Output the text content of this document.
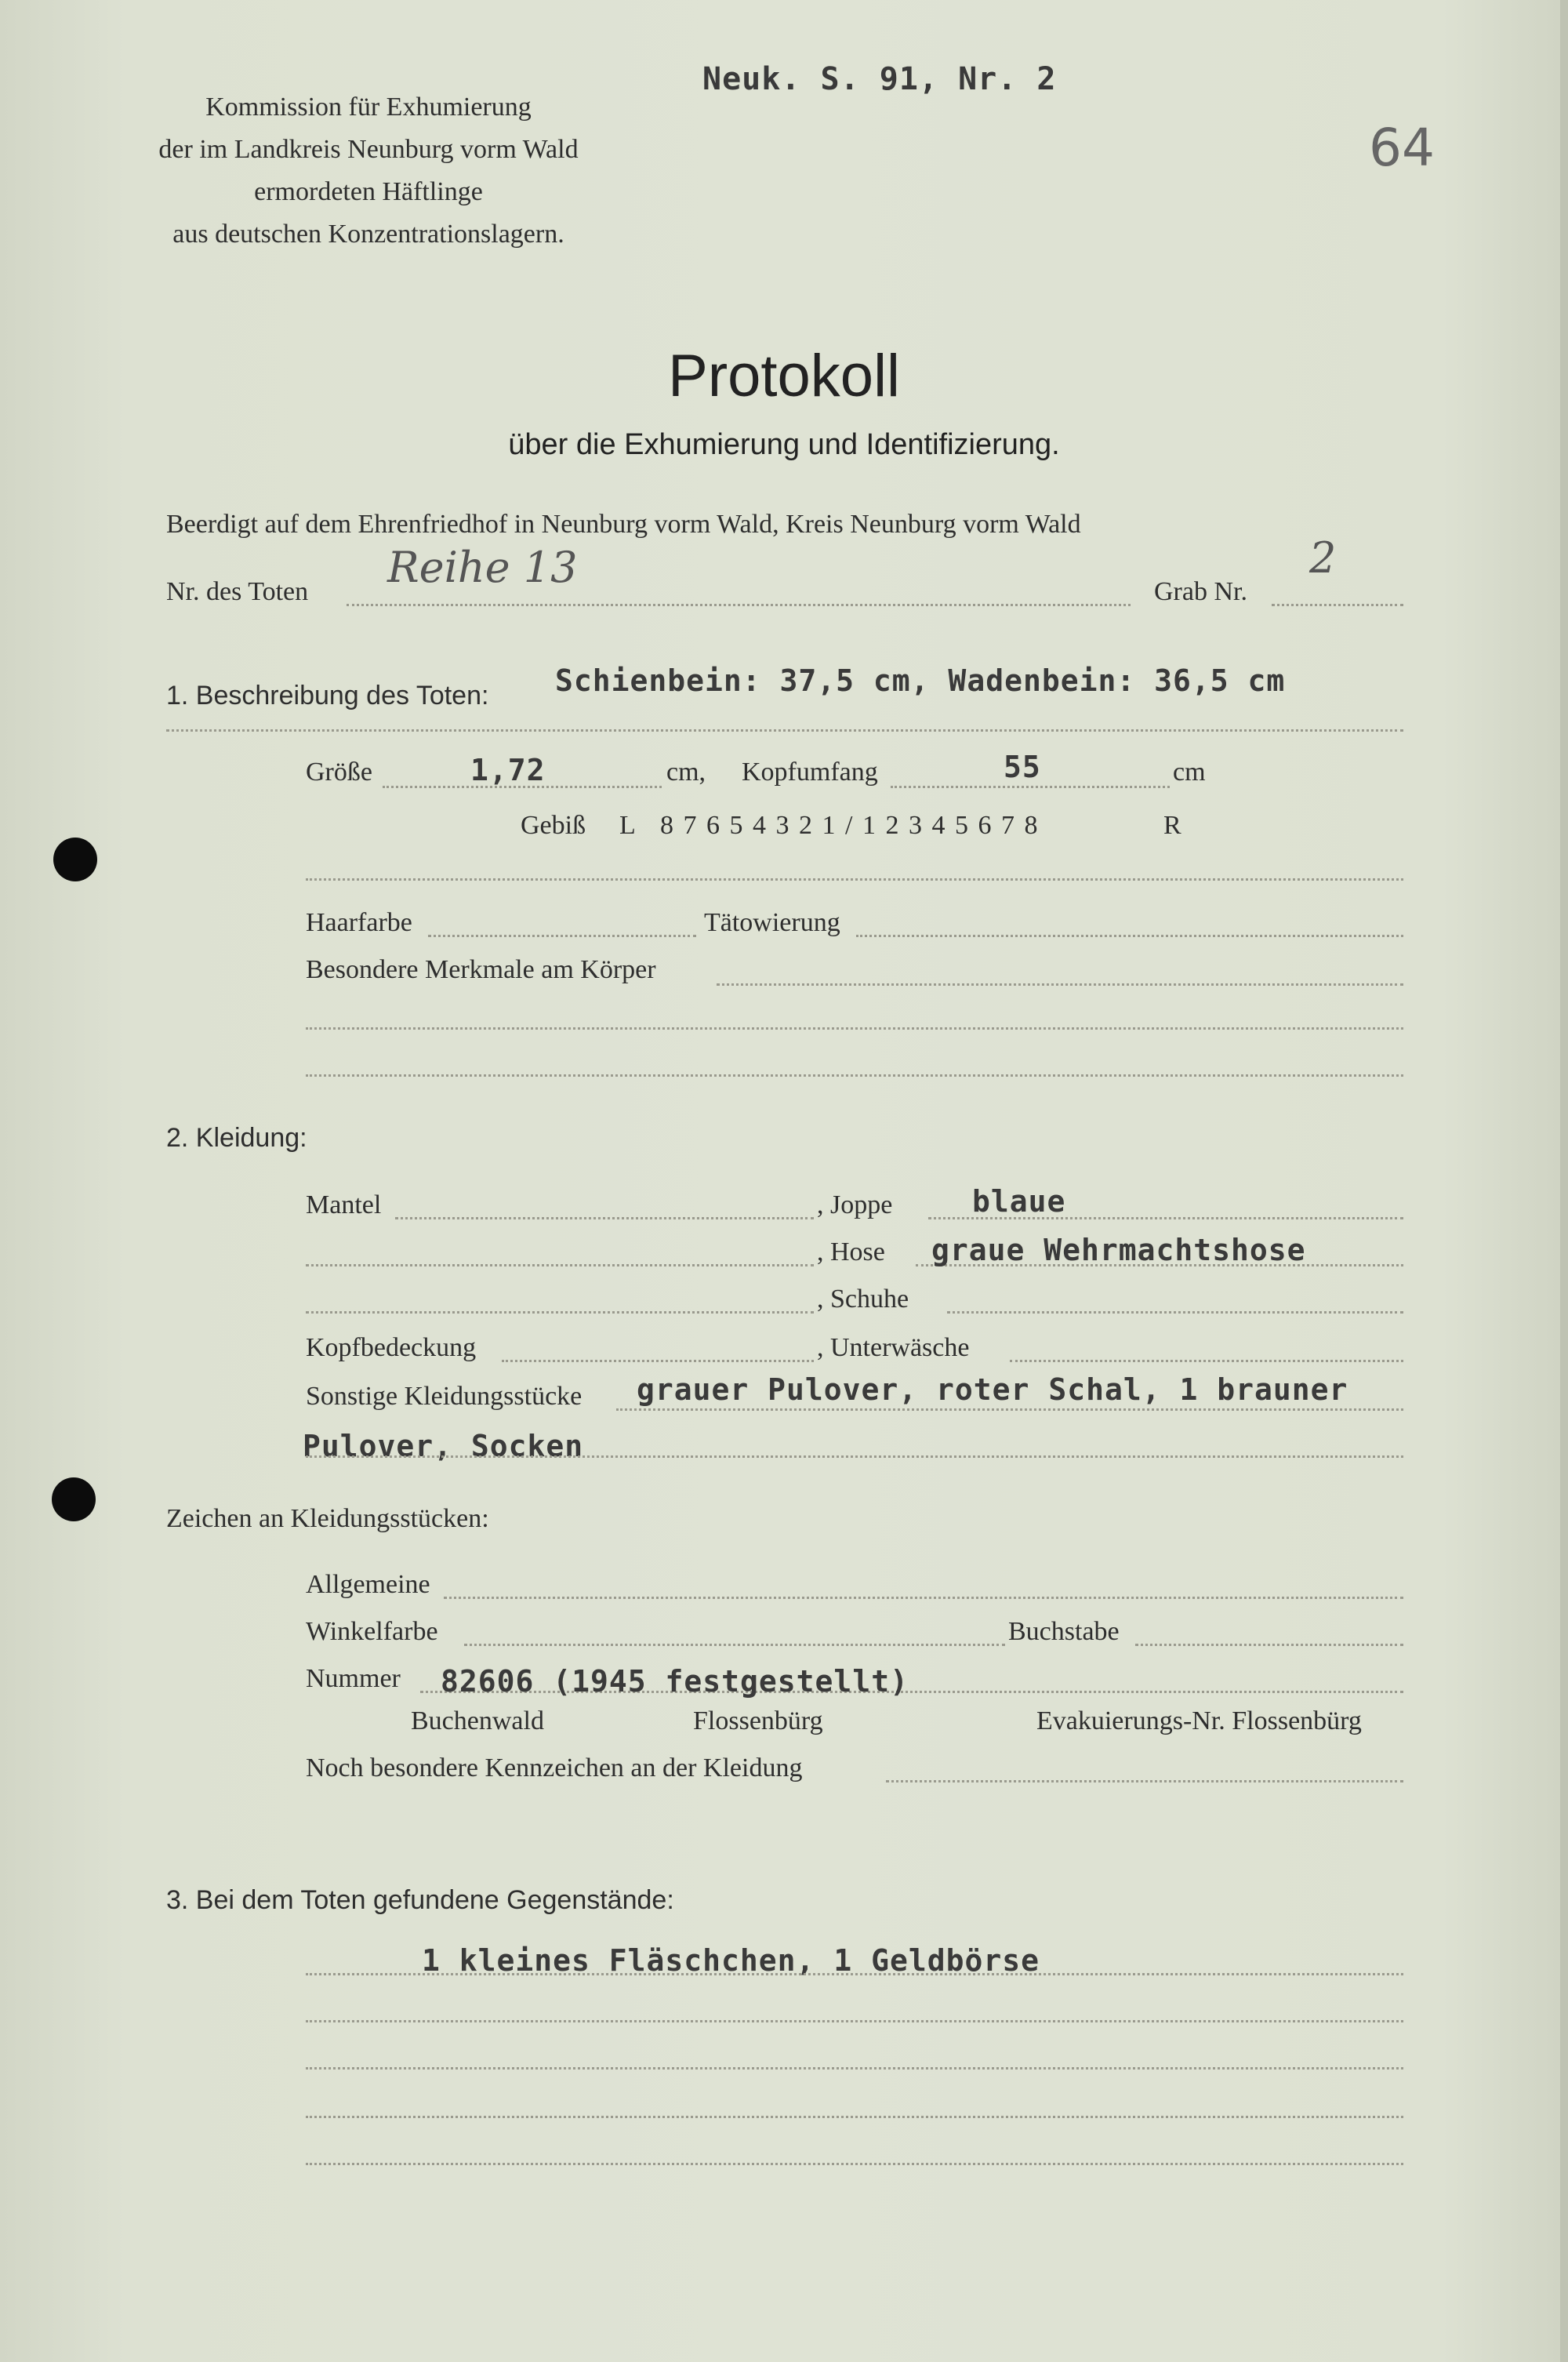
Kommission für Exhumierung
der im Landkreis Neunburg vorm Wald
ermordeten Häftlinge
aus deutschen Konzentrationslagern.
Neuk. S. 91, Nr. 2
64
Protokoll
über die Exhumierung und Identifizierung.
Beerdigt auf dem Ehrenfriedhof in Neunburg vorm Wald, Kreis Neunburg vorm Wald
Nr. des Toten Reihe 13	Grab Nr.
2
1. Beschreibung des Toten: Schienbein: 37,5 cm, Wadenbein: 36,5 cm
Größe	1,72	cm, Kopfumfang	55	cm
Gebiß L 8 7 6 5 4 3 2 1 / 1 2 3 4 5 6 7 8	R
Haarfarbe	Tätowierung
Besondere Merkmale am Körper
2. Kleidung:
Mantel	, Joppe	blaue
, Hose graue Wehrmachtshose
, Schuhe
Kopfbedeckung	, Unterwäsche
Sonstige Kleidungsstücke grauer Pulover, roter Schal, 1 brauner
Pulover, Socken
Zeichen an Kleidungsstücken:
Allgemeine
Winkelfarbe	Buchstabe
Nummer 82606 (1945 festgestellt)
Buchenwald	Flossenbürg	Evakuierungs-Nr. Flossenbürg
Noch besondere Kennzeichen an der Kleidung
3. Bei dem Toten gefundene Gegenstände:
1 kleines Fläschchen, 1 Geldbörse
